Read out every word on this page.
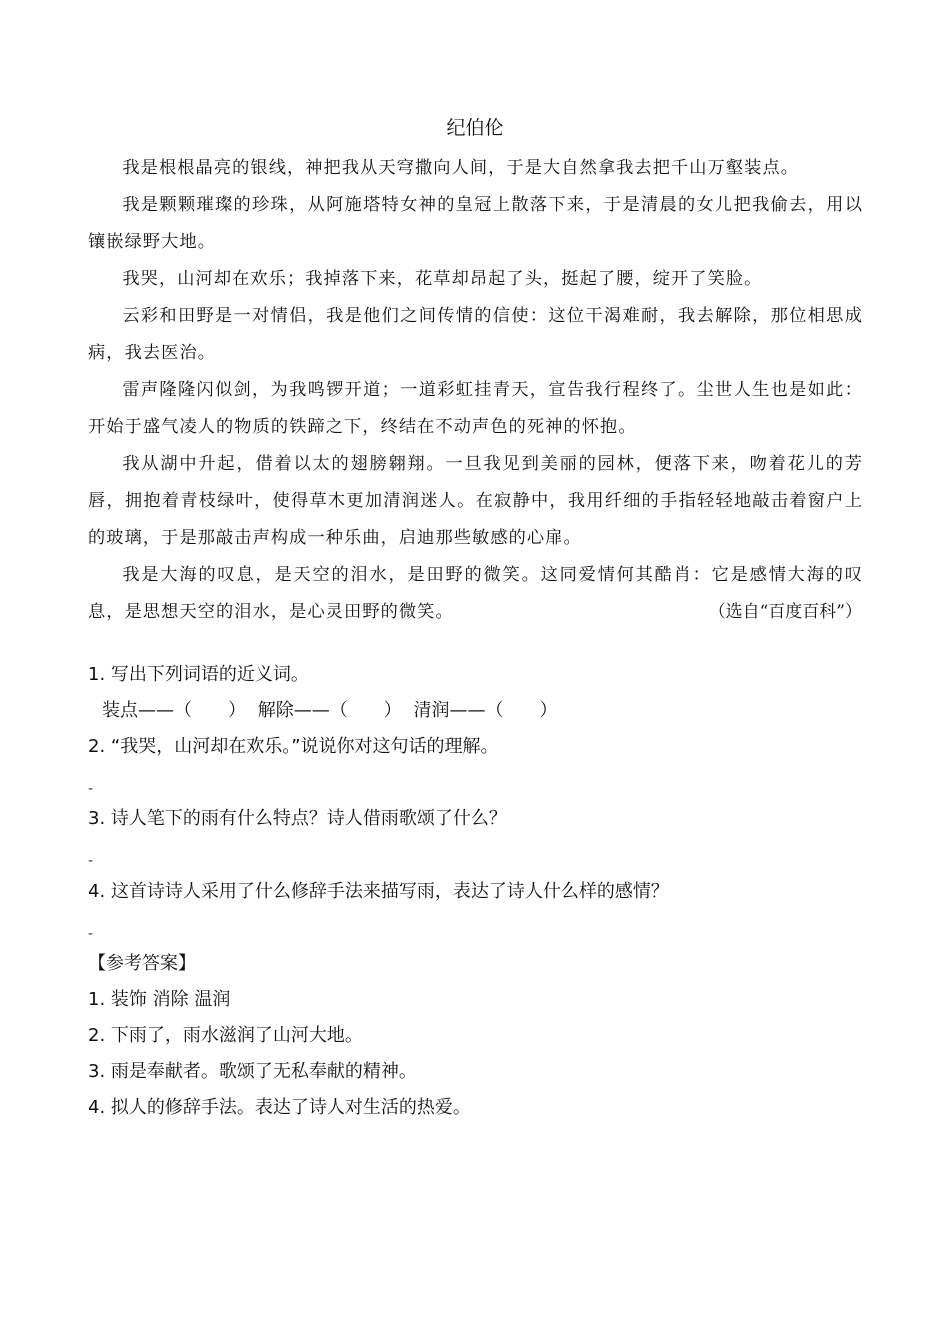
纪伯伦

我是根根晶亮的银线，神把我从天穹撒向人间，于是大自然拿我去把千山万壑装点。

我是颗颗璀璨的珍珠，从阿施塔特女神的皇冠上散落下来，于是清晨的女儿把我偷去，用以镶嵌绿野大地。

我哭，山河却在欢乐；我掉落下来，花草却昂起了头，挺起了腰，绽开了笑脸。

云彩和田野是一对情侣，我是他们之间传情的信使：这位干渴难耐，我去解除，那位相思成病，我去医治。

雷声隆隆闪似剑，为我鸣锣开道；一道彩虹挂青天，宣告我行程终了。尘世人生也是如此：开始于盛气凌人的物质的铁蹄之下，终结在不动声色的死神的怀抱。

我从湖中升起，借着以太的翅膀翱翔。一旦我见到美丽的园林，便落下来，吻着花儿的芳唇，拥抱着青枝绿叶，使得草木更加清润迷人。在寂静中，我用纤细的手指轻轻地敲击着窗户上的玻璃，于是那敲击声构成一种乐曲，启迪那些敏感的心扉。

我是大海的叹息，是天空的泪水，是田野的微笑。这同爱情何其酷肖：它是感情大海的叹息，是思想天空的泪水，是心灵田野的微笑。	（选自“百度百科”）
1. 写出下列词语的近义词。
装点——（　　） 解除——（　　） 清润——（　　）
2. “我哭，山河却在欢乐。”说说你对这句话的理解。
-
3. 诗人笔下的雨有什么特点？诗人借雨歌颂了什么？
-
4. 这首诗诗人采用了什么修辞手法来描写雨，表达了诗人什么样的感情？
-
【参考答案】
1. 装饰 消除 温润
2. 下雨了，雨水滋润了山河大地。
3. 雨是奉献者。歌颂了无私奉献的精神。
4. 拟人的修辞手法。表达了诗人对生活的热爱。
